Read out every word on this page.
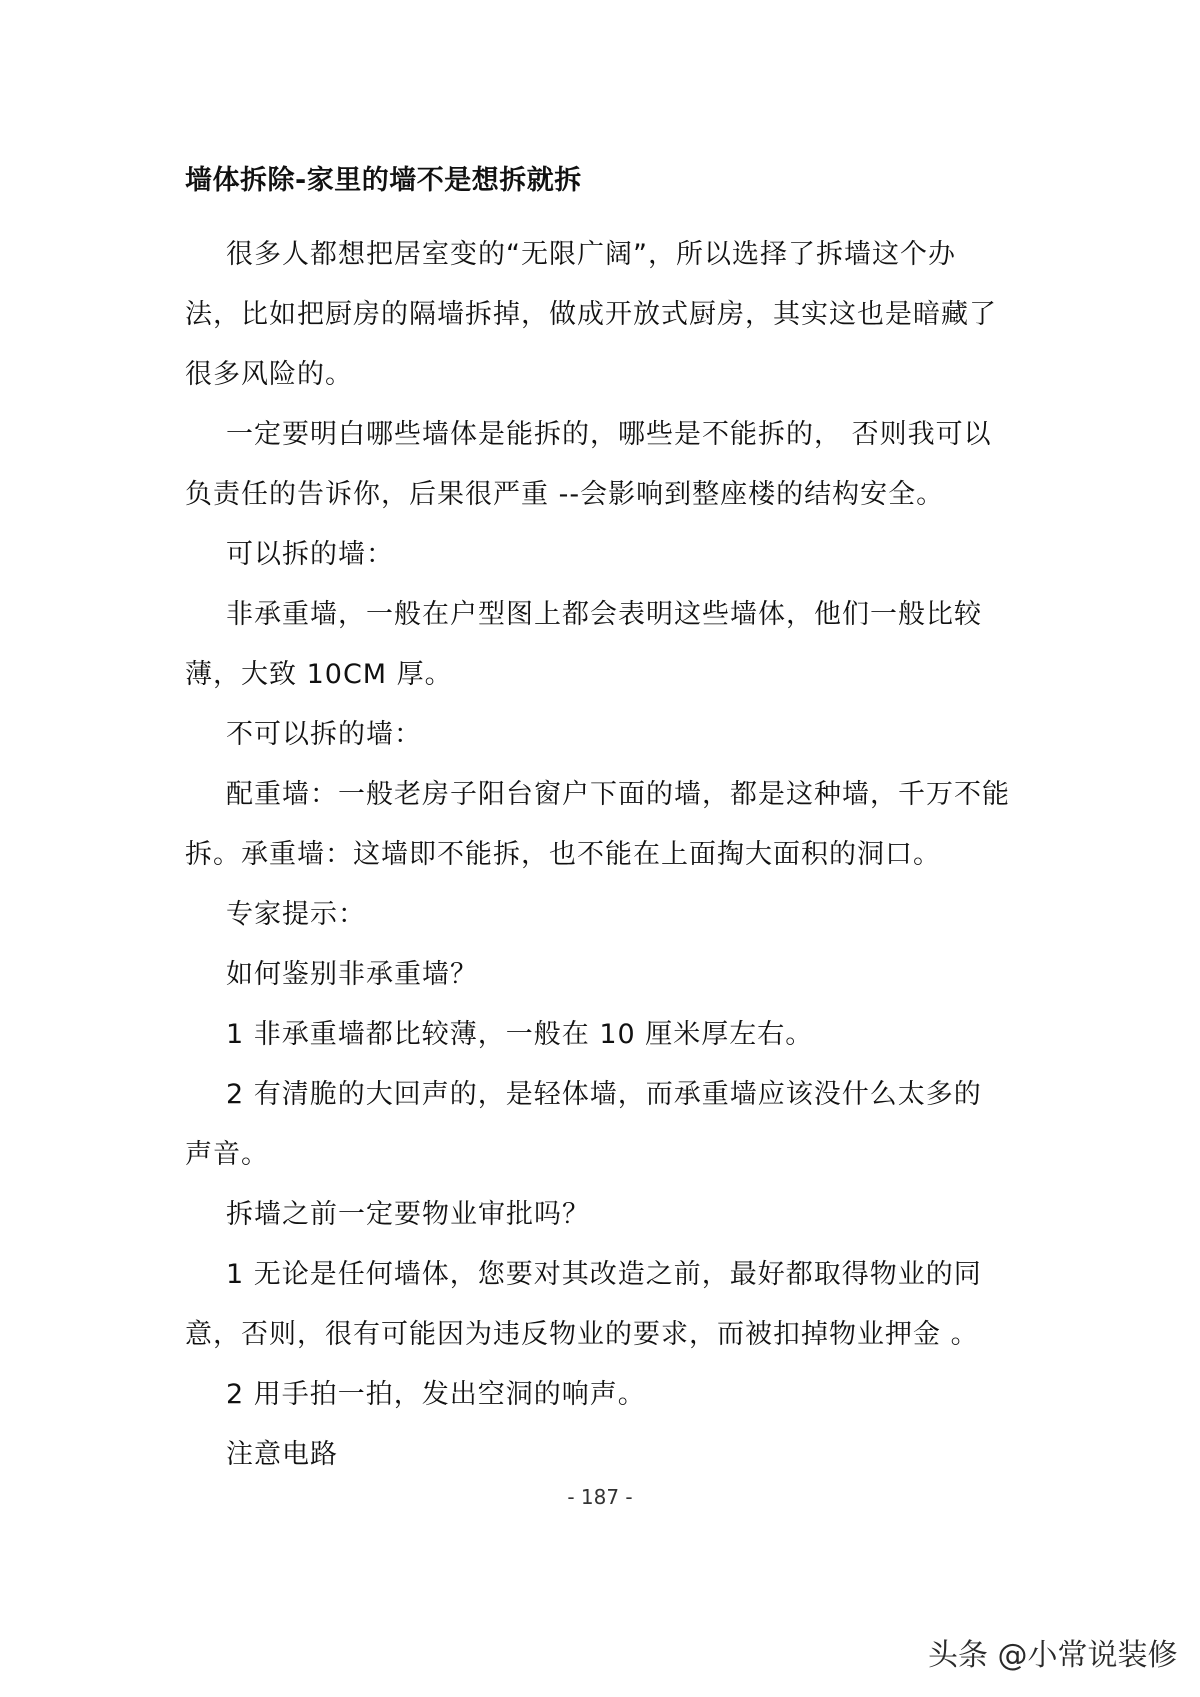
墙体拆除-家里的墙不是想拆就拆
很多人都想把居室变的“无限广阔”，所以选择了拆墙这个办
法，比如把厨房的隔墙拆掉，做成开放式厨房，其实这也是暗藏了
很多风险的。
一定要明白哪些墙体是能拆的，哪些是不能拆的， 否则我可以
负责任的告诉你，后果很严重 --会影响到整座楼的结构安全。
可以拆的墙：
非承重墙，一般在户型图上都会表明这些墙体，他们一般比较
薄，大致 10CM 厚。
不可以拆的墙：
配重墙：一般老房子阳台窗户下面的墙，都是这种墙，千万不能
拆。承重墙：这墙即不能拆，也不能在上面掏大面积的洞口。
专家提示：
如何鉴别非承重墙？
1 非承重墙都比较薄，一般在 10 厘米厚左右。
2 有清脆的大回声的，是轻体墙，而承重墙应该没什么太多的
声音。
拆墙之前一定要物业审批吗？
1 无论是任何墙体，您要对其改造之前，最好都取得物业的同
意，否则，很有可能因为违反物业的要求，而被扣掉物业押金 。
2 用手拍一拍，发出空洞的响声。
注意电路
- 187 -
头条 @小常说装修
